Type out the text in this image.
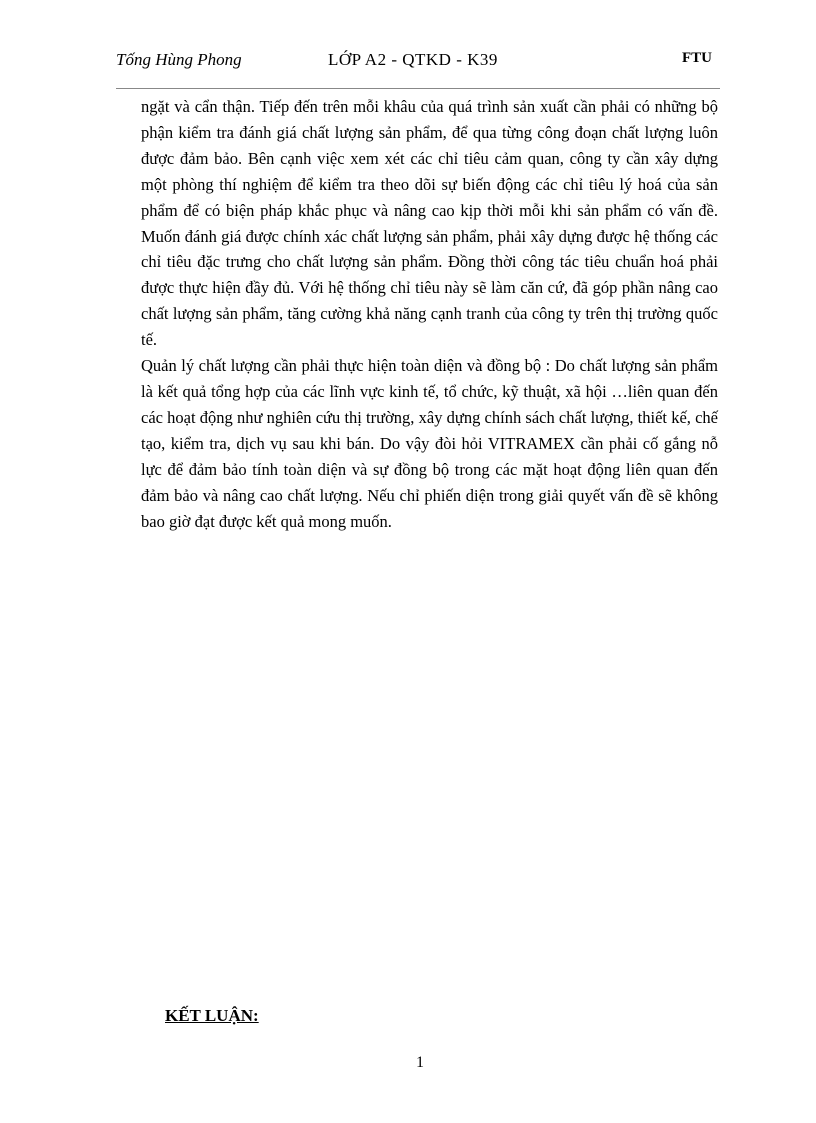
Tống Hùng Phong	LỚP A2 - QTKD - K39	FTU

ngặt và cẩn thận. Tiếp đến trên mỗi khâu của quá trình sản xuất cần phải có những bộ phận kiểm tra đánh giá chất lượng sản phẩm, để qua từng công đoạn chất lượng luôn được đảm bảo. Bên cạnh việc xem xét các chỉ tiêu cảm quan, công ty cần xây dựng một phòng thí nghiệm để kiểm tra theo dõi sự biến động các chỉ tiêu lý hoá của sản phẩm để có biện pháp khắc phục và nâng cao kịp thời mỗi khi sản phẩm có vấn đề. Muốn đánh giá được chính xác chất lượng sản phẩm, phải xây dựng được hệ thống các chỉ tiêu đặc trưng cho chất lượng sản phẩm. Đồng thời công tác tiêu chuẩn hoá phải được thực hiện đầy đủ. Với hệ thống chỉ tiêu này sẽ làm căn cứ, đã góp phần nâng cao chất lượng sản phẩm, tăng cường khả năng cạnh tranh của công ty trên thị trường quốc tế.

Quản lý chất lượng cần phải thực hiện toàn diện và đồng bộ : Do chất lượng sản phẩm là kết quả tổng hợp của các lĩnh vực kinh tế, tổ chức, kỹ thuật, xã hội …liên quan đến các hoạt động như nghiên cứu thị trường, xây dựng chính sách chất lượng, thiết kế, chế tạo, kiểm tra, dịch vụ sau khi bán. Do vậy đòi hỏi VITRAMEX cần phải cố gắng nỗ lực để đảm bảo tính toàn diện và sự đồng bộ trong các mặt hoạt động liên quan đến đảm bảo và nâng cao chất lượng. Nếu chỉ phiến diện trong giải quyết vấn đề sẽ không bao giờ đạt được kết quả mong muốn.

KẾT LUẬN:
1
